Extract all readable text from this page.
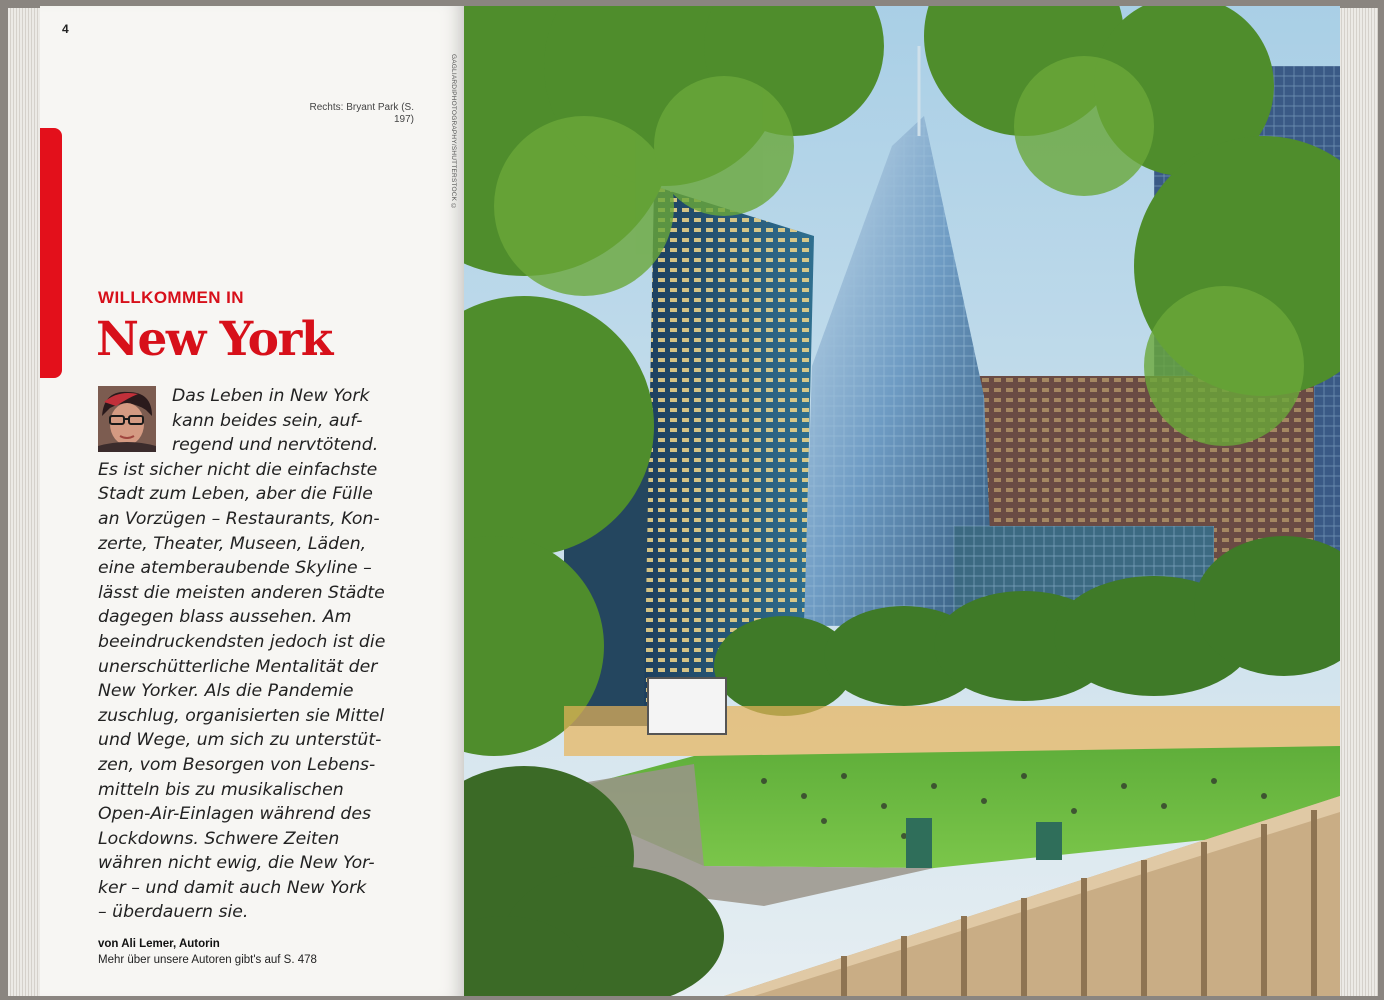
4
Rechts: Bryant Park (S. 197)	GAGLIARDIPHOTOGRAPHY/SHUTTERSTOCK ©
WILLKOMMEN IN
New York
Das Leben in New York
kann beides sein, auf-
regend und nervtötend.
Es ist sicher nicht die einfachste
Stadt zum Leben, aber die Fülle
an Vorzügen – Restaurants, Kon-
zerte, Theater, Museen, Läden,
eine atemberaubende Skyline –
lässt die meisten anderen Städte
dagegen blass aussehen. Am
beeindruckendsten jedoch ist die
unerschütterliche Mentalität der
New Yorker. Als die Pandemie
zuschlug, organisierten sie Mittel
und Wege, um sich zu unterstüt-
zen, vom Besorgen von Lebens-
mitteln bis zu musikalischen
Open-Air-Einlagen während des
Lockdowns. Schwere Zeiten
währen nicht ewig, die New Yor-
ker – und damit auch New York
– überdauern sie.
von Ali Lemer, Autorin
Mehr über unsere Autoren gibt's auf S. 478
